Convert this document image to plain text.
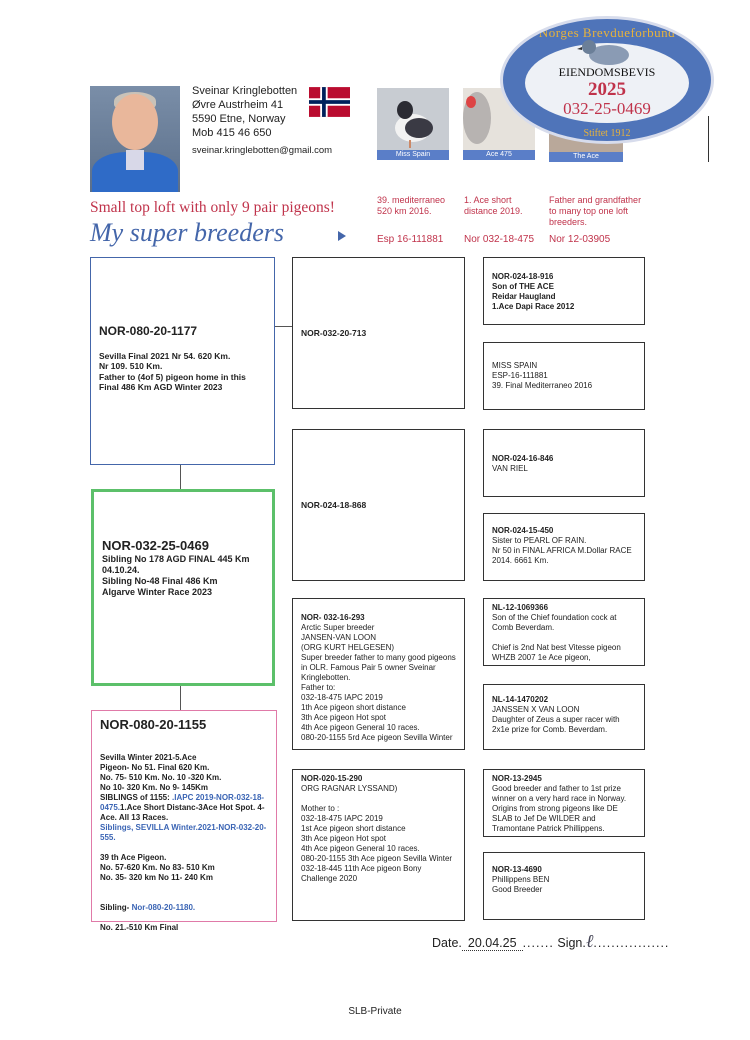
Sveinar Kringlebotten
Øvre Austrheim 41
5590 Etne, Norway
Mob 415 46 650
sveinar.kringlebotten@gmail.com
Small top loft with only 9 pair pigeons!
My super breeders
Miss Spain	Ace 475	The Ace
39. mediterraneo 520 km 2016.
1. Ace short distance 2019.
Father and grandfather to many top one loft breeders.
Esp 16-111881 Nor 032-18-475 Nor 12-03905
Norges Brevdueforbund
EIENDOMSBEVIS
2025
032-25-0469
Stiftet 1912
NOR-080-20-1177
Sevilla Final 2021 Nr 54. 620 Km.
Nr 109. 510 Km.
Father to (4of 5) pigeon home in this Final 486 Km AGD Winter 2023
NOR-032-25-0469
Sibling No 178 AGD FINAL 445 Km
04.10.24.
Sibling No-48 Final 486 Km
Algarve Winter Race 2023
NOR-080-20-1155

Sevilla Winter 2021-5.Ace
Pigeon- No 51. Final 620 Km.
No. 75- 510 Km. No. 10 -320 Km.
No 10- 320 Km. No 9- 145Km
SIBLINGS of 1155: .IAPC 2019-NOR-032-18-0475.1.Ace Short Distanc-3Ace Hot Spot. 4-Ace. All 13 Races.

Siblings, SEVILLA Winter.2021-NOR-032-20-555.

39 th Ace Pigeon.
No. 57-620 Km. No 83- 510 Km
No. 35- 320 km No 11- 240 Km

Sibling- Nor-080-20-1180.

No. 21.-510 Km Final

NOR-032-20-713
NOR-024-18-868
NOR- 032-16-293
Arctic Super breeder
JANSEN-VAN LOON
(ORG KURT HELGESEN)
Super breeder father to many good pigeons in OLR. Famous Pair 5 owner Sveinar Kringlebotten.
Father to:
032-18-475 IAPC 2019
1th Ace pigeon short distance
3th Ace pigeon Hot spot
4th Ace pigeon General 10 races.
080-20-1155 5rd Ace pigeon Sevilla Winter
NOR-020-15-290
ORG RAGNAR LYSSAND)

Mother to :
032-18-475 IAPC 2019
1st Ace pigeon short distance
3th Ace pigeon Hot spot
4th Ace pigeon General 10 races.
080-20-1155 3th Ace pigeon Sevilla Winter
032-18-445 11th Ace pigeon Bony Challenge 2020
NOR-024-18-916
Son of THE ACE
Reidar Haugland
1.Ace Dapi Race 2012
MISS SPAIN
ESP-16-111881
39. Final Mediterraneo 2016
NOR-024-16-846
VAN RIEL
NOR-024-15-450
Sister to PEARL OF RAIN.
Nr 50 in FINAL AFRICA M.Dollar RACE 2014. 6661 Km.
NL-12-1069366
Son of the Chief foundation cock at Comb Beverdam.

Chief is 2nd Nat best Vitesse pigeon WHZB 2007 1e Ace pigeon,
NL-14-1470202
JANSSEN X VAN LOON
Daughter of Zeus a super racer with 2x1e prize for Comb. Beverdam.
NOR-13-2945
Good breeder and father to 1st prize winner on a very hard race in Norway.
Origins from strong pigeons like DE SLAB to Jef De WILDER and Tramontane Patrick Phillippens.
NOR-13-4690
Phillippens BEN
Good Breeder
Date. 20.04.25 ....... Sign.ℓ.................
SLB-Private
